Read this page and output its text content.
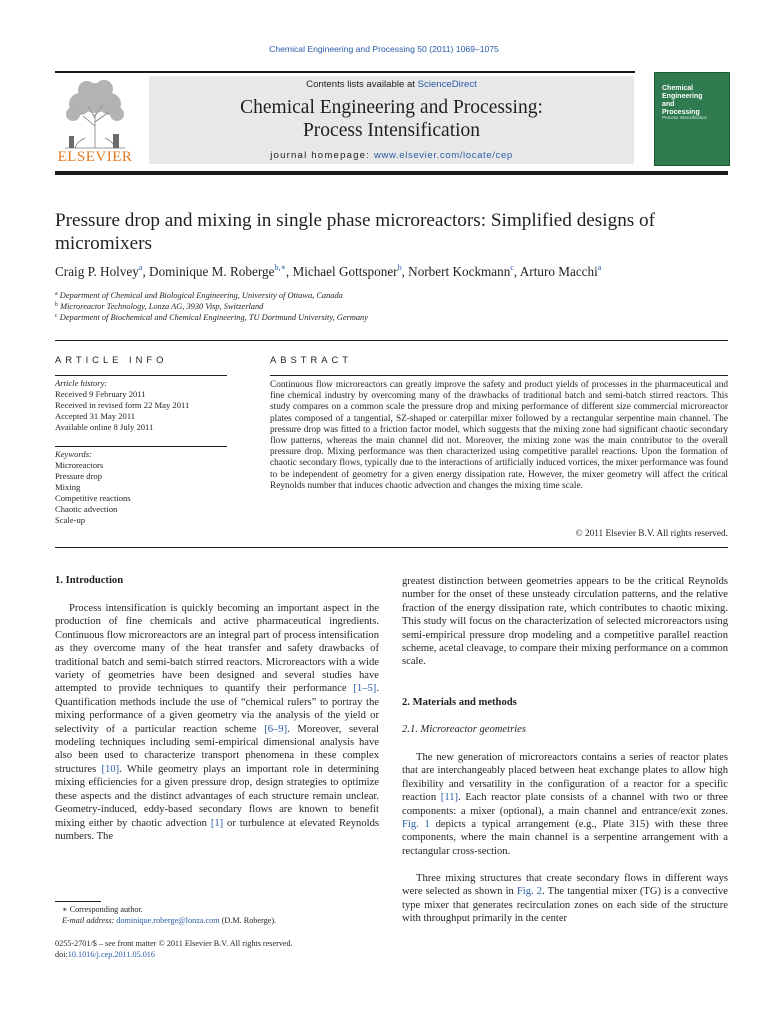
Chemical Engineering and Processing 50 (2011) 1069–1075
ELSEVIER
Contents lists available at ScienceDirect
Chemical Engineering and Processing:
Process Intensification
journal homepage: www.elsevier.com/locate/cep
Chemical
Engineering
and
Processing
Process Intensification
Pressure drop and mixing in single phase microreactors: Simplified designs of
micromixers
Craig P. Holvey$^a$, Dominique M. Roberge$^{b,∗}$, Michael Gottsponer$^b$, Norbert Kockmann$^c$, Arturo Macchi$^a$
$^a$ Department of Chemical and Biological Engineering, University of Ottawa, Canada
$^b$ Microreactor Technology, Lonza AG, 3930 Visp, Switzerland
$^c$ Department of Biochemical and Chemical Engineering, TU Dortmund University, Germany
ARTICLE INFO
Article history:
Received 9 February 2011
Received in revised form 22 May 2011
Accepted 31 May 2011
Available online 8 July 2011
Keywords:
Microreactors
Pressure drop
Mixing
Competitive reactions
Chaotic advection
Scale-up
ABSTRACT
Continuous flow microreactors can greatly improve the safety and product yields of processes in the pharmaceutical and fine chemical industry by overcoming many of the drawbacks of traditional batch and semi-batch stirred reactors. This study compares on a common scale the pressure drop and mixing performance of different size commercial microreactor plates composed of a tangential, SZ-shaped or caterpillar mixer followed by a rectangular serpentine main channel. The pressure drop was fitted to a friction factor model, which suggests that the mixing zone had significant chaotic secondary flow patterns, whereas the main channel did not. Moreover, the mixing zone was the main contributor to the overall pressure drop. Mixing performance was then characterized using competitive parallel reactions. Upon the formation of chaotic secondary flows, typically due to the interactions of artificially induced vortices, the mixer performance was found to be independent of geometry for a given energy dissipation rate. However, the mixer geometry will affect the critical Reynolds number that induces chaotic advection and changes the mixing time scale.
© 2011 Elsevier B.V. All rights reserved.
1. Introduction
Process intensification is quickly becoming an important aspect in the production of fine chemicals and active pharmaceutical ingredients. Continuous flow microreactors are an integral part of process intensification as they overcome many of the heat transfer and safety drawbacks of traditional batch and semi-batch stirred reactors. Microreactors with a wide variety of geometries have been designed and several studies have attempted to provide techniques to quantify their performance [1–5]. Quantification methods include the use of “chemical rulers” to portray the mixing performance of a given geometry via the analysis of the yield or selectivity of a particular reaction scheme [6–9]. Moreover, several modeling techniques including semi-empirical dimensional analysis have also been used to characterize transport phenomena in these complex structures [10]. While geometry plays an important role in determining mixing efficiencies for a given pressure drop, design strategies to optimize these aspects and the distinct advantages of each structure remain unclear. Geometry-induced, eddy-based secondary flows are known to benefit mixing either by chaotic advection [1] or turbulence at elevated Reynolds numbers. The
greatest distinction between geometries appears to be the critical Reynolds number for the onset of these unsteady circulation patterns, and the relative fraction of the energy dissipation rate, which contributes to chaotic mixing. This study will focus on the characterization of selected microreactors using semi-empirical pressure drop modeling and a competitive parallel reaction scheme, acetal cleavage, to compare their mixing performance on a common scale.
2. Materials and methods
2.1. Microreactor geometries
The new generation of microreactors contains a series of reactor plates that are interchangeably placed between heat exchange plates to allow high flexibility and versatility in the configuration of a reactor for a specific reaction [11]. Each reactor plate consists of a channel with two or three components: a mixer (optional), a main channel and entrance/exit zones. Fig. 1 depicts a typical arrangement (e.g., Plate 315) with these three components, where the main channel is a serpentine arrangement with a rectangular cross-section.
Three mixing structures that create secondary flows in different ways were selected as shown in Fig. 2. The tangential mixer (TG) is a convective type mixer that generates recirculation zones on each side of the structure with throughput primarily in the center
∗ Corresponding author.
E-mail address: dominique.roberge@lonza.com (D.M. Roberge).
0255-2701/$ – see front matter © 2011 Elsevier B.V. All rights reserved.
doi:10.1016/j.cep.2011.05.016
